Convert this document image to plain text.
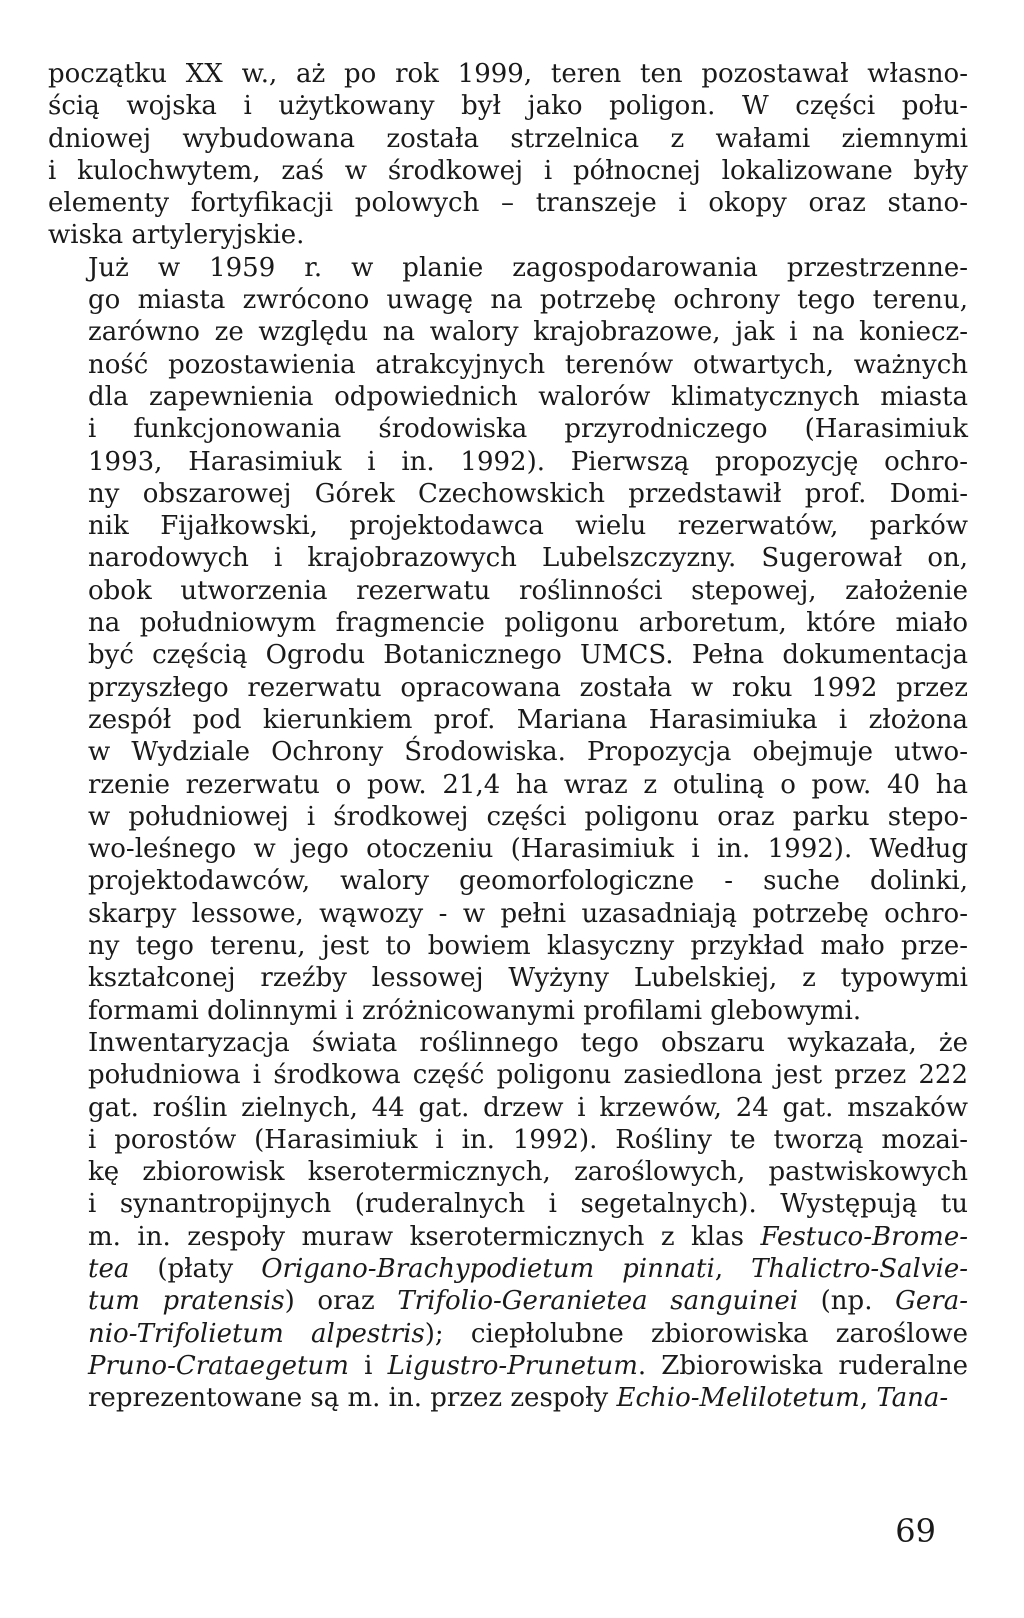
początku XX w., aż po rok 1999, teren ten pozostawał własno-
ścią wojska i użytkowany był jako poligon. W części połu-
dniowej wybudowana została strzelnica z wałami ziemnymi
i kulochwytem, zaś w środkowej i północnej lokalizowane były
elementy fortyfikacji polowych – transzeje i okopy oraz stano-
wiska artyleryjskie.
Już w 1959 r. w planie zagospodarowania przestrzenne-
go miasta zwrócono uwagę na potrzebę ochrony tego terenu,
zarówno ze względu na walory krajobrazowe, jak i na koniecz-
ność pozostawienia atrakcyjnych terenów otwartych, ważnych
dla zapewnienia odpowiednich walorów klimatycznych miasta
i funkcjonowania środowiska przyrodniczego (Harasimiuk
1993, Harasimiuk i in. 1992). Pierwszą propozycję ochro-
ny obszarowej Górek Czechowskich przedstawił prof. Domi-
nik Fijałkowski, projektodawca wielu rezerwatów, parków
narodowych i krajobrazowych Lubelszczyzny. Sugerował on,
obok utworzenia rezerwatu roślinności stepowej, założenie
na południowym fragmencie poligonu arboretum, które miało
być częścią Ogrodu Botanicznego UMCS. Pełna dokumentacja
przyszłego rezerwatu opracowana została w roku 1992 przez
zespół pod kierunkiem prof. Mariana Harasimiuka i złożona
w Wydziale Ochrony Środowiska. Propozycja obejmuje utwo-
rzenie rezerwatu o pow. 21,4 ha wraz z otuliną o pow. 40 ha
w południowej i środkowej części poligonu oraz parku stepo-
wo-leśnego w jego otoczeniu (Harasimiuk i in. 1992). Według
projektodawców, walory geomorfologiczne - suche dolinki,
skarpy lessowe, wąwozy - w pełni uzasadniają potrzebę ochro-
ny tego terenu, jest to bowiem klasyczny przykład mało prze-
kształconej rzeźby lessowej Wyżyny Lubelskiej, z typowymi
formami dolinnymi i zróżnicowanymi profilami glebowymi.
Inwentaryzacja świata roślinnego tego obszaru wykazała, że
południowa i środkowa część poligonu zasiedlona jest przez 222
gat. roślin zielnych, 44 gat. drzew i krzewów, 24 gat. mszaków
i porostów (Harasimiuk i in. 1992). Rośliny te tworzą mozai-
kę zbiorowisk kserotermicznych, zaroślowych, pastwiskowych
i synantropijnych (ruderalnych i segetalnych). Występują tu
m. in. zespoły muraw kserotermicznych z klas Festuco-Brome-
tea (płaty Origano-Brachypodietum pinnati, Thalictro-Salvie-
tum pratensis) oraz Trifolio-Geranietea sanguinei (np. Gera-
nio-Trifolietum alpestris); ciepłolubne zbiorowiska zaroślowe
Pruno-Crataegetum i Ligustro-Prunetum. Zbiorowiska ruderalne
reprezentowane są m. in. przez zespoły Echio-Melilotetum, Tana-
69
